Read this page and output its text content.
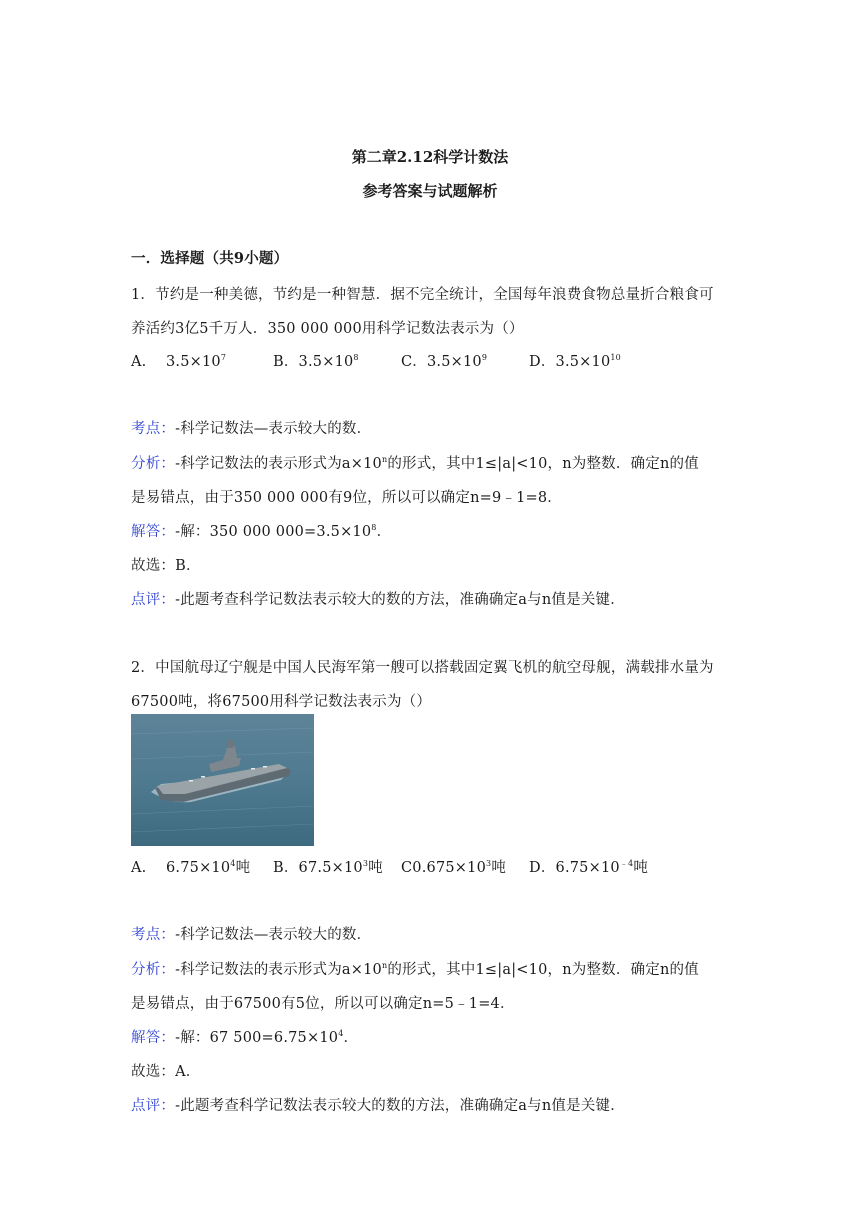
第二章2.12科学计数法
参考答案与试题解析
一．选择题（共9小题）
1．节约是一种美德，节约是一种智慧．据不完全统计，全国每年浪费食物总量折合粮食可
养活约3亿5千万人．350 000 000用科学记数法表示为（）
A.　 $3.5\times 10^7$	B．$3.5\times 10^8$	C．$3.5\times 10^9$	D．$3.5\times 10^{10}$
考点：-科学记数法—表示较大的数．
分析：-科学记数法的表示形式为$a\times 10^n$的形式，其中1≤|a|<10，n为整数．确定n的值
是易错点，由于350 000 000有9位，所以可以确定n=9﹣1=8．
解答：-解：350 000 $000=3.5\times 10^8$．
故选：B．
点评：-此题考查科学记数法表示较大的数的方法，准确确定a与n值是关键．
2．中国航母辽宁舰是中国人民海军第一艘可以搭载固定翼飞机的航空母舰，满载排水量为
67500吨，将67500用科学记数法表示为（）
A.　 $6.75\times 10^4$吨 B．$67.5\times 10^3$吨 $C0.675\times 10^3$吨 D．$6.75\times 10^{﹣4}$吨
考点：-科学记数法—表示较大的数．
分析：-科学记数法的表示形式为$a\times 10^n$的形式，其中1≤|a|<10，n为整数．确定n的值
是易错点，由于67500有5位，所以可以确定n=5﹣1=4．
解答：-解：67 $500=6.75\times 10^4$．
故选：A．
点评：-此题考查科学记数法表示较大的数的方法，准确确定a与n值是关键．
